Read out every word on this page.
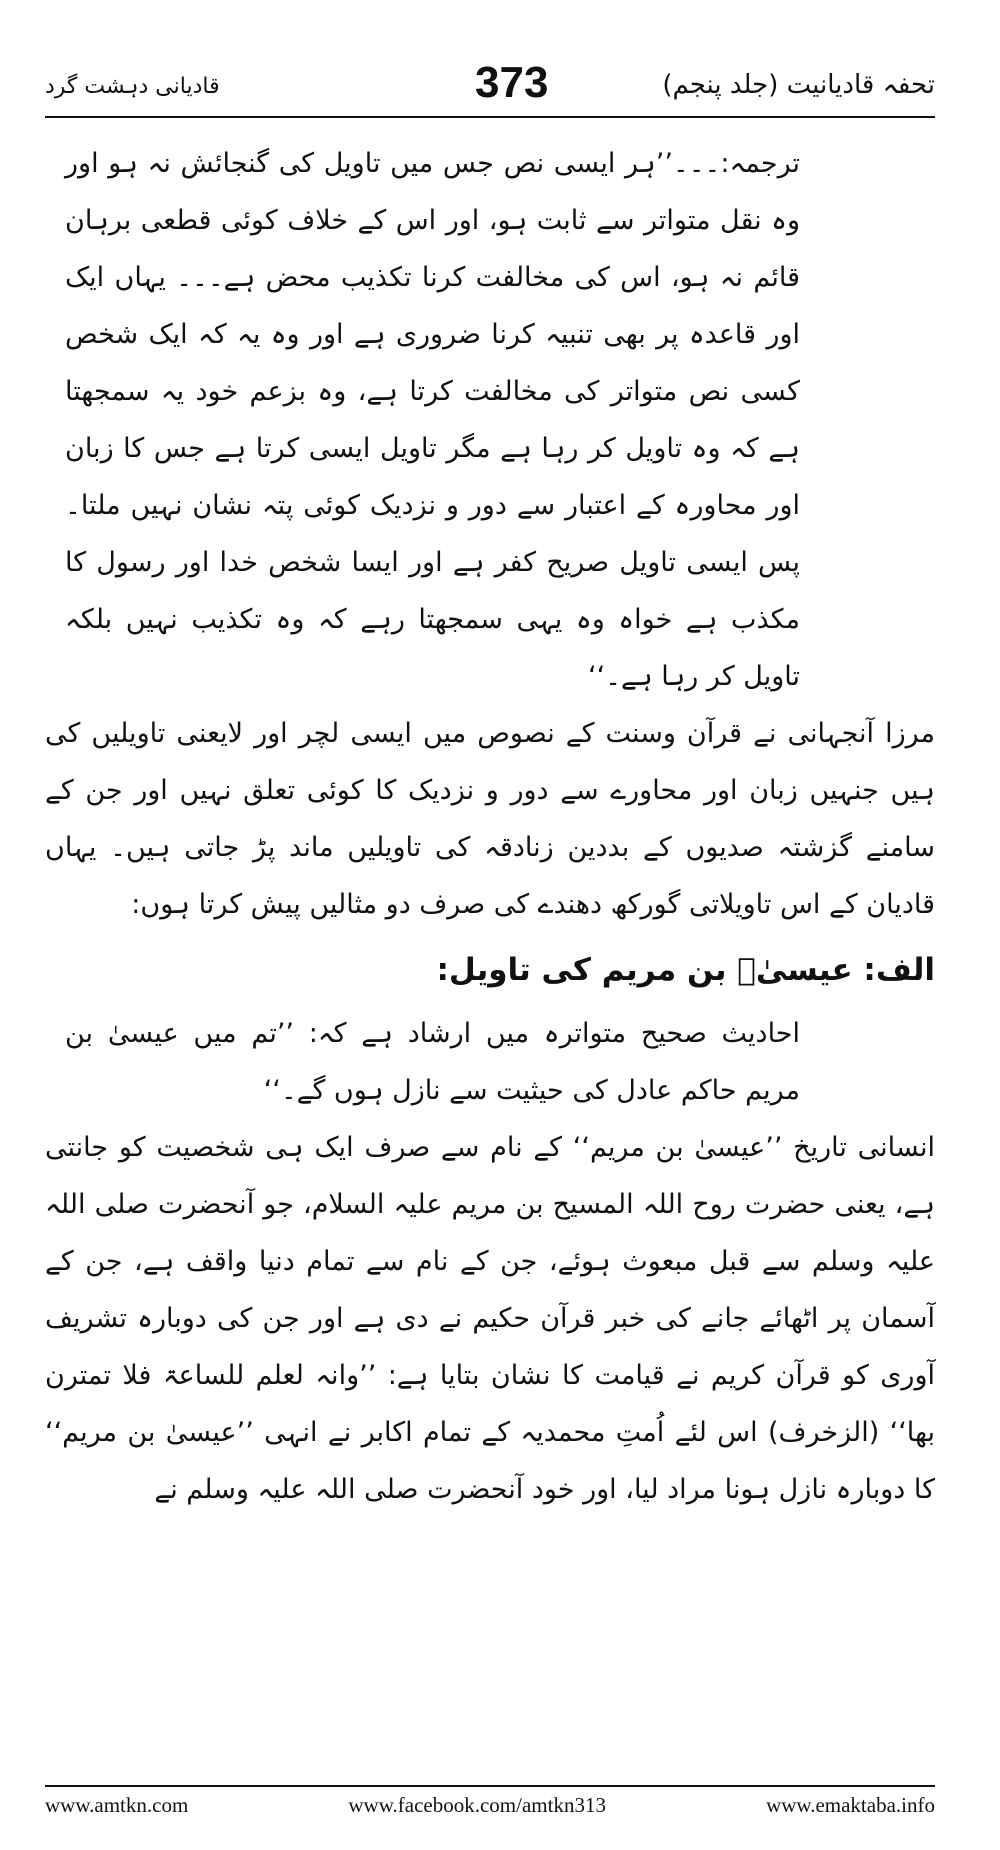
تحفہ قادیانیت (جلد پنجم)
373
قادیانی دہشت گرد

ترجمہ:۔۔۔’’ہر ایسی نص جس میں تاویل کی گنجائش نہ ہو اور وہ نقل متواتر سے ثابت ہو، اور اس کے خلاف کوئی قطعی برہان قائم نہ ہو، اس کی مخالفت کرنا تکذیب محض ہے۔۔۔ یہاں ایک اور قاعدہ پر بھی تنبیہ کرنا ضروری ہے اور وہ یہ کہ ایک شخص کسی نص متواتر کی مخالفت کرتا ہے، وہ بزعم خود یہ سمجھتا ہے کہ وہ تاویل کر رہا ہے مگر تاویل ایسی کرتا ہے جس کا زبان اور محاورہ کے اعتبار سے دور و نزدیک کوئی پتہ نشان نہیں ملتا۔ پس ایسی تاویل صریح کفر ہے اور ایسا شخص خدا اور رسول کا مکذب ہے خواہ وہ یہی سمجھتا رہے کہ وہ تکذیب نہیں بلکہ تاویل کر رہا ہے۔‘‘

مرزا آنجہانی نے قرآن وسنت کے نصوص میں ایسی لچر اور لایعنی تاویلیں کی ہیں جنہیں زبان اور محاورے سے دور و نزدیک کا کوئی تعلق نہیں اور جن کے سامنے گزشتہ صدیوں کے بددین زنادقہ کی تاویلیں ماند پڑ جاتی ہیں۔ یہاں قادیان کے اس تاویلاتی گورکھ دھندے کی صرف دو مثالیں پیش کرتا ہوں:

الف: عیسیٰؑ بن مریم کی تاویل:

احادیث صحیح متواترہ میں ارشاد ہے کہ: ’’تم میں عیسیٰ بن مریم حاکم عادل کی حیثیت سے نازل ہوں گے۔‘‘

انسانی تاریخ ’’عیسیٰ بن مریم‘‘ کے نام سے صرف ایک ہی شخصیت کو جانتی ہے، یعنی حضرت روح اللہ المسیح بن مریم علیہ السلام، جو آنحضرت صلی اللہ علیہ وسلم سے قبل مبعوث ہوئے، جن کے نام سے تمام دنیا واقف ہے، جن کے آسمان پر اٹھائے جانے کی خبر قرآن حکیم نے دی ہے اور جن کی دوبارہ تشریف آوری کو قرآن کریم نے قیامت کا نشان بتایا ہے: ’’وانہ لعلم للساعۃ فلا تمترن بھا‘‘ (الزخرف) اس لئے اُمتِ محمدیہ کے تمام اکابر نے انہی ’’عیسیٰ بن مریم‘‘ کا دوبارہ نازل ہونا مراد لیا، اور خود آنحضرت صلی اللہ علیہ وسلم نے

www.amtkn.com	www.facebook.com/amtkn313	www.emaktaba.info
